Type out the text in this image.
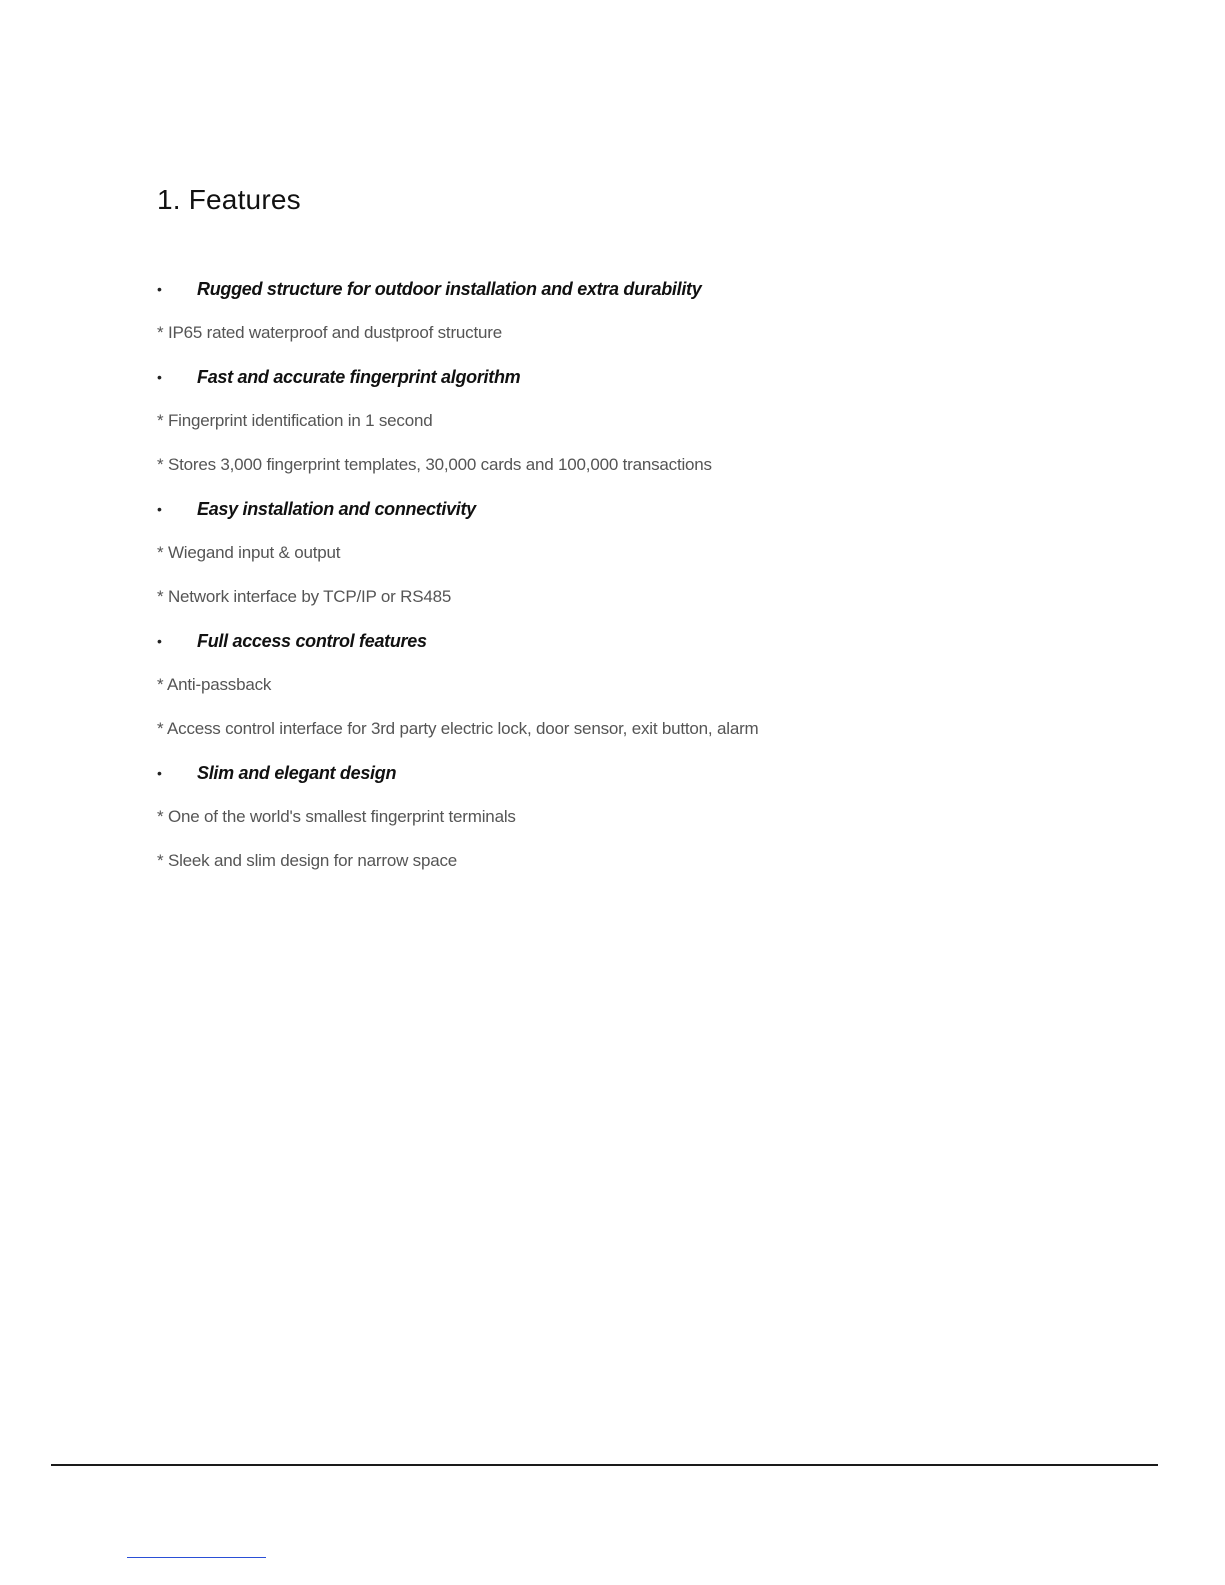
1. Features
• Rugged structure for outdoor installation and extra durability
* IP65 rated waterproof and dustproof structure
• Fast and accurate fingerprint algorithm
* Fingerprint identification in 1 second
* Stores 3,000 fingerprint templates, 30,000 cards and 100,000 transactions
• Easy installation and connectivity
* Wiegand input & output
* Network interface by TCP/IP or RS485
• Full access control features
* Anti-passback
* Access control interface for 3rd party electric lock, door sensor, exit button, alarm
• Slim and elegant design
* One of the world's smallest fingerprint terminals
* Sleek and slim design for narrow space
